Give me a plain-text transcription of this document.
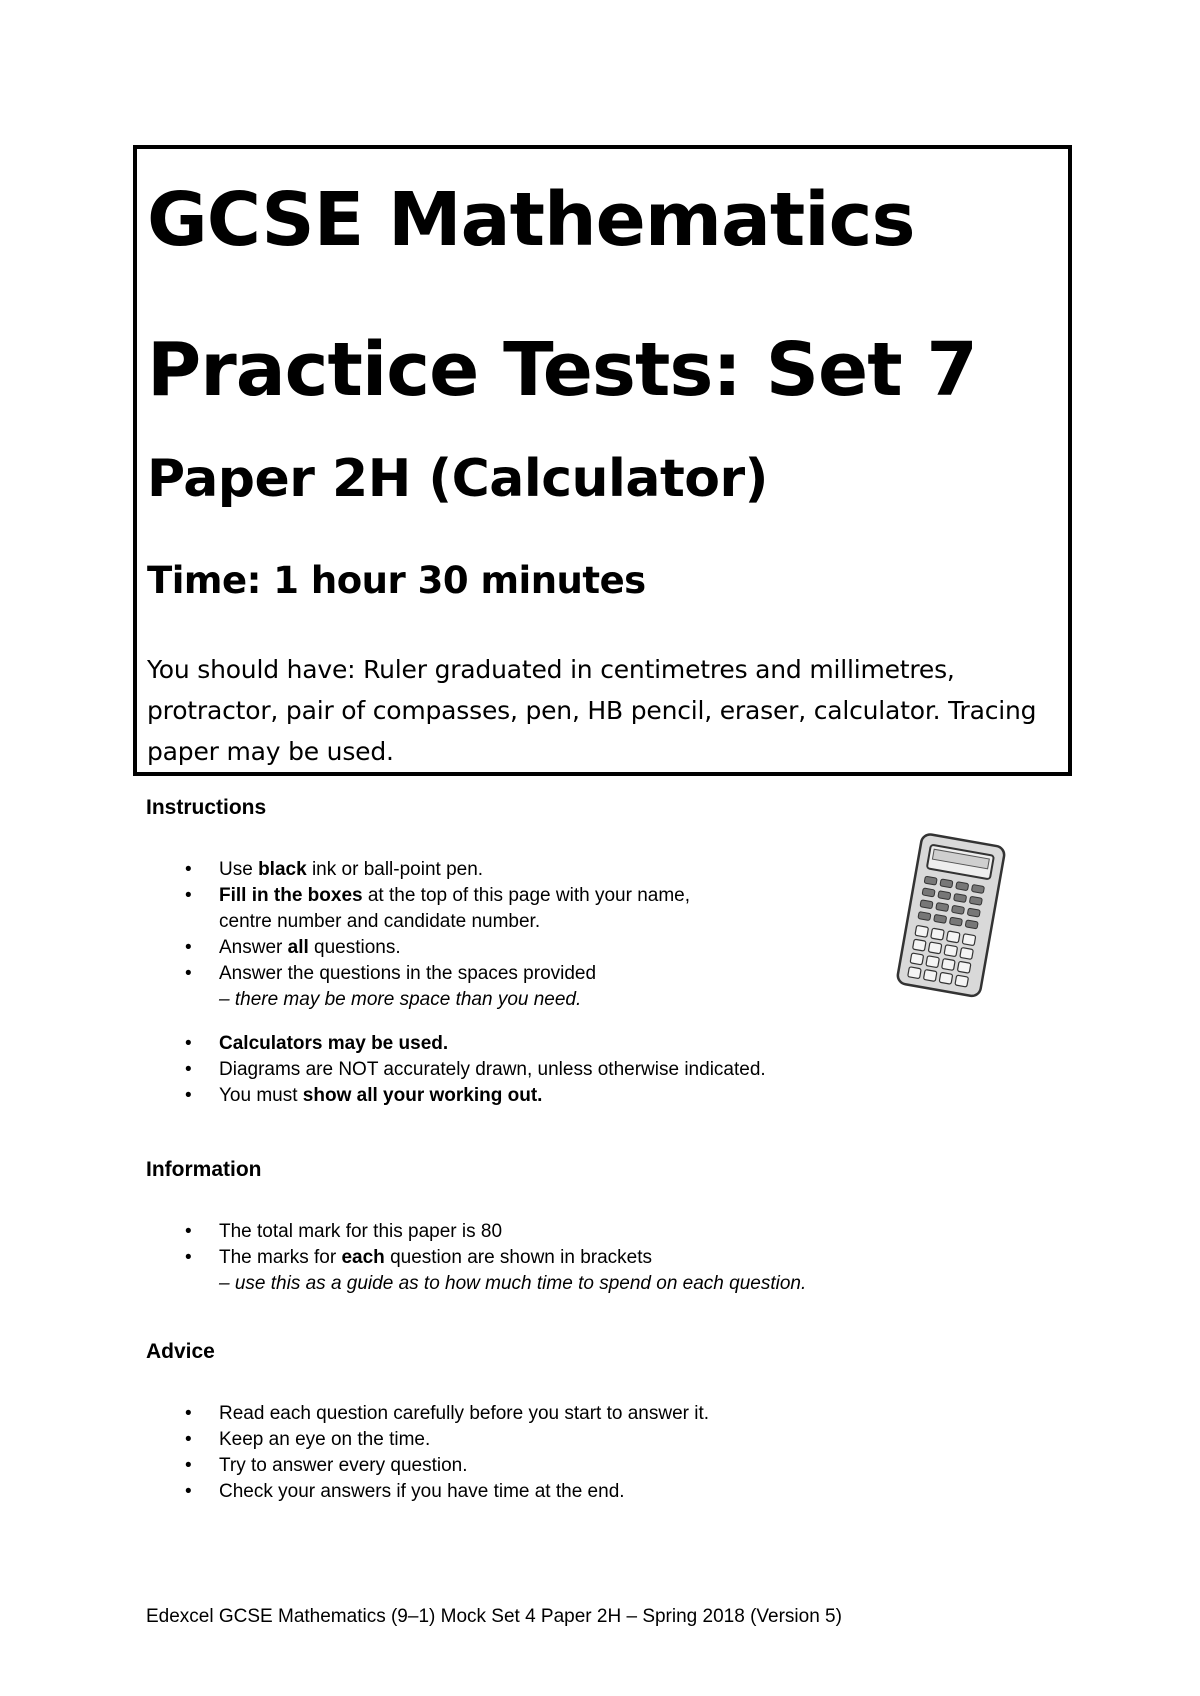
GCSE Mathematics
Practice Tests: Set 7
Paper 2H (Calculator)
Time: 1 hour 30 minutes

You should have: Ruler graduated in centimetres and millimetres, protractor, pair of compasses, pen, HB pencil, eraser, calculator. Tracing paper may be used.

Instructions
• Use black ink or ball-point pen.
• Fill in the boxes at the top of this page with your name,
centre number and candidate number.
• Answer all questions.
• Answer the questions in the spaces provided
– there may be more space than you need.
• Calculators may be used.
• Diagrams are NOT accurately drawn, unless otherwise indicated.
• You must show all your working out.
Information
• The total mark for this paper is 80
• The marks for each question are shown in brackets
– use this as a guide as to how much time to spend on each question.
Advice
• Read each question carefully before you start to answer it.
• Keep an eye on the time.
• Try to answer every question.
• Check your answers if you have time at the end.

Edexcel GCSE Mathematics (9–1) Mock Set 4 Paper 2H – Spring 2018 (Version 5)
